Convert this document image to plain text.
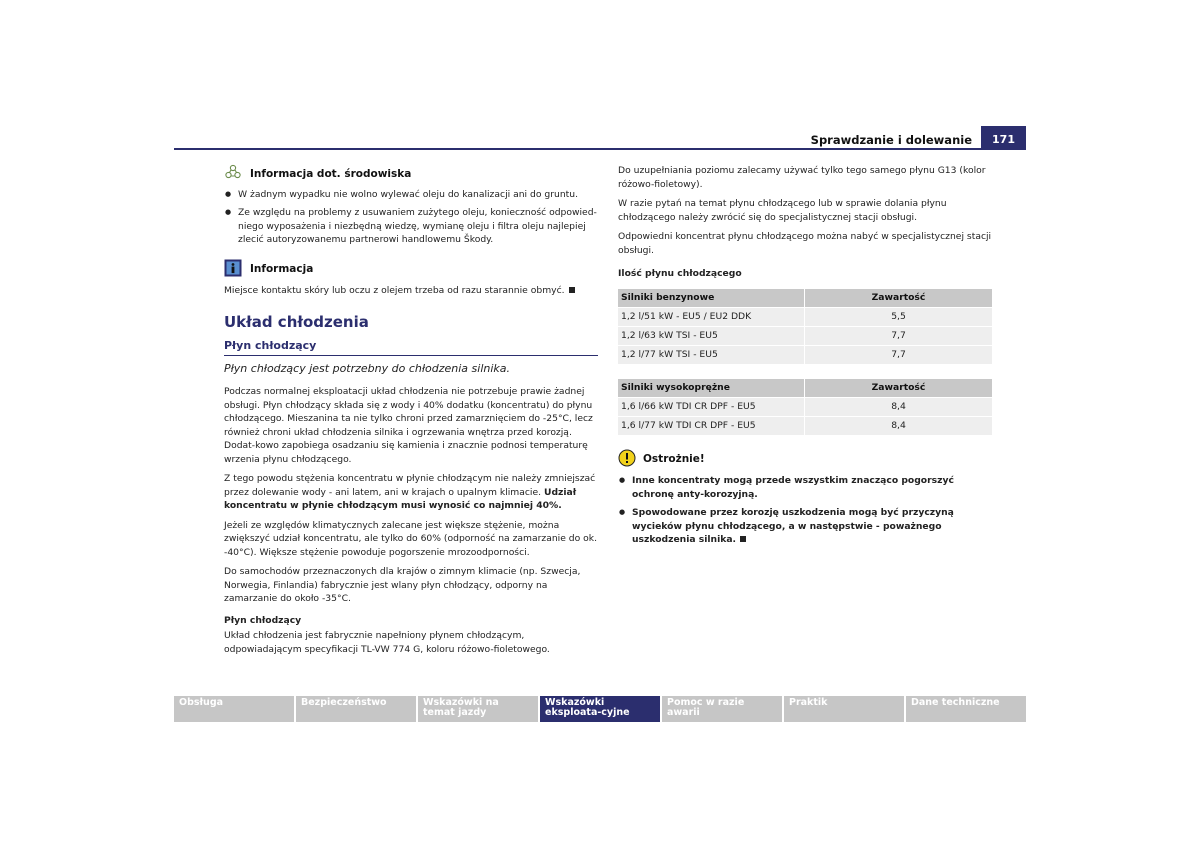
Sprawdzanie i dolewanie	171
Informacja dot. środowiska
● W żadnym wypadku nie wolno wylewać oleju do kanalizacji ani do gruntu.
● Ze względu na problemy z usuwaniem zużytego oleju, konieczność odpowied-niego wyposażenia i niezbędną wiedzę, wymianę oleju i filtra oleju najlepiej zlecić autoryzowanemu partnerowi handlowemu Škody.
Informacja

Miejsce kontaktu skóry lub oczu z olejem trzeba od razu starannie obmyć.

Układ chłodzenia
Płyn chłodzący
Płyn chłodzący jest potrzebny do chłodzenia silnika.

Podczas normalnej eksploatacji układ chłodzenia nie potrzebuje prawie żadnej obsługi. Płyn chłodzący składa się z wody i 40% dodatku (koncentratu) do płynu chłodzącego. Mieszanina ta nie tylko chroni przed zamarznięciem do -25°C, lecz również chroni układ chłodzenia silnika i ogrzewania wnętrza przed korozją. Dodat-kowo zapobiega osadzaniu się kamienia i znacznie podnosi temperaturę wrzenia płynu chłodzącego.

Z tego powodu stężenia koncentratu w płynie chłodzącym nie należy zmniejszać przez dolewanie wody - ani latem, ani w krajach o upalnym klimacie. Udział koncentratu w płynie chłodzącym musi wynosić co najmniej 40%.

Jeżeli ze względów klimatycznych zalecane jest większe stężenie, można zwiększyć udział koncentratu, ale tylko do 60% (odporność na zamarzanie do ok. -40°C). Większe stężenie powoduje pogorszenie mrozoodporności.

Do samochodów przeznaczonych dla krajów o zimnym klimacie (np. Szwecja, Norwegia, Finlandia) fabrycznie jest wlany płyn chłodzący, odporny na zamarzanie do około -35°C.

Płyn chłodzący

Układ chłodzenia jest fabrycznie napełniony płynem chłodzącym, odpowiadającym specyfikacji TL-VW 774 G, koloru różowo-fioletowego.

Do uzupełniania poziomu zalecamy używać tylko tego samego płynu G13 (kolor różowo-fioletowy).

W razie pytań na temat płynu chłodzącego lub w sprawie dolania płynu chłodzącego należy zwrócić się do specjalistycznej stacji obsługi.

Odpowiedni koncentrat płynu chłodzącego można nabyć w specjalistycznej stacji obsługi.

Ilość płynu chłodzącego
Silniki benzynowe	Zawartość
1,2 l/51 kW - EU5 / EU2 DDK	5,5
1,2 l/63 kW TSI - EU5	7,7
1,2 l/77 kW TSI - EU5	7,7
Silniki wysokoprężne	Zawartość
1,6 l/66 kW TDI CR DPF - EU5	8,4
1,6 l/77 kW TDI CR DPF - EU5	8,4
Ostrożnie!
● Inne koncentraty mogą przede wszystkim znacząco pogorszyć ochronę anty-korozyjną.
● Spowodowane przez korozję uszkodzenia mogą być przyczyną wycieków płynu chłodzącego, a w następstwie - poważnego uszkodzenia silnika.
Obsługa	Bezpieczeństwo	Wskazówki na temat jazdy
Wskazówki eksploata-cyjne
Pomoc w razie awarii
Praktik	Dane techniczne
